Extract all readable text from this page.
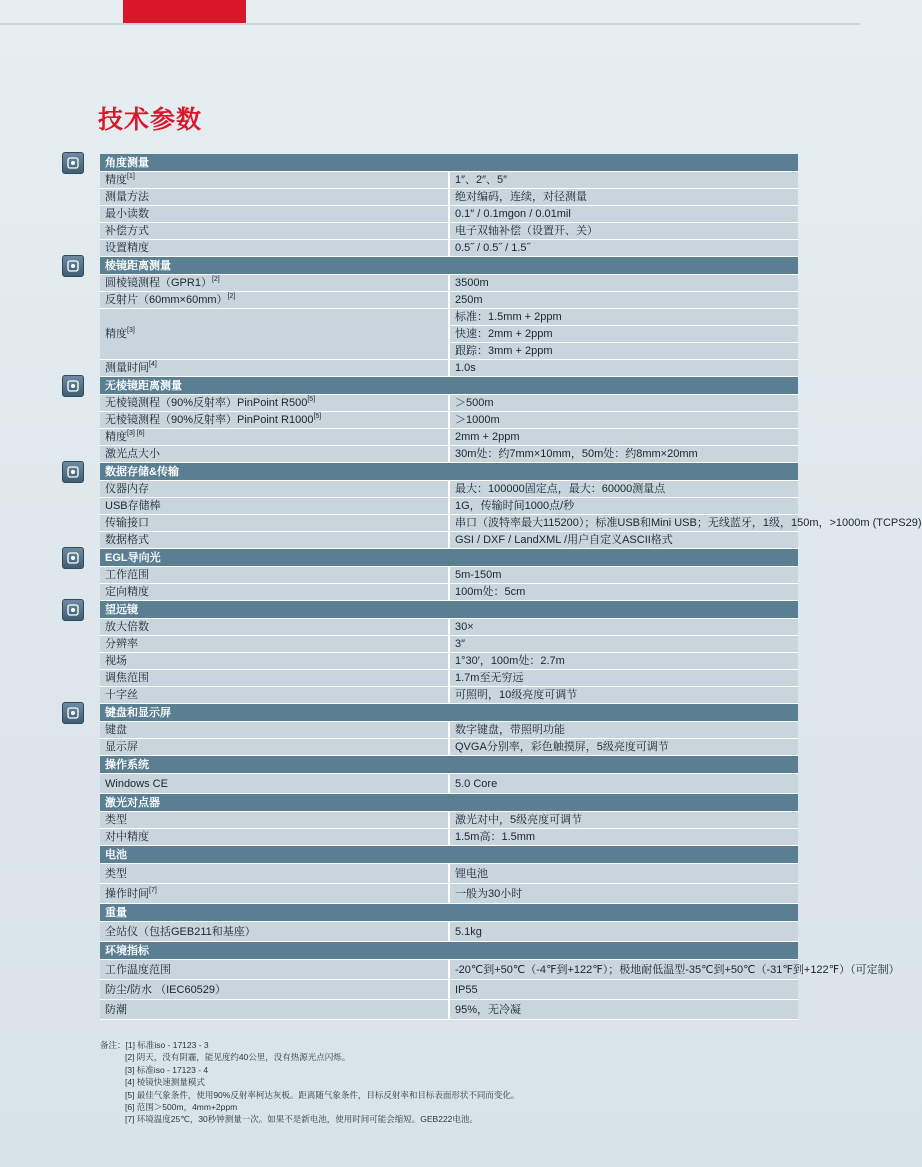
技术参数
角度测量	
精度[1]	1″、2″、5″
测量方法	绝对编码，连续，对径测量
最小读数	0.1″ / 0.1mgon / 0.01mil
补偿方式	电子双轴补偿（设置开、关）
设置精度	0.5˝ / 0.5˝ / 1.5˝
棱镜距离测量	
圆棱镜测程（GPR1）[2]	3500m
反射片（60mm×60mm）[2]	250m
精度[3]	标准：1.5mm + 2ppm
	快速：2mm + 2ppm
	跟踪：3mm + 2ppm
测量时间[4]	1.0s
无棱镜距离测量	
无棱镜测程（90%反射率）PinPoint R500[5]	＞500m
无棱镜测程（90%反射率）PinPoint R1000[5]	＞1000m
精度[3] [6]	2mm + 2ppm
激光点大小	30m处：约7mm×10mm，50m处：约8mm×20mm
数据存储&传输	
仪器内存	最大：100000固定点，最大：60000测量点
USB存储棒	1G，传输时间1000点/秒
传输接口	串口（波特率最大115200）；标准USB和Mini USB；无线蓝牙，1级，150m，>1000m (TCPS29)
数据格式	GSI / DXF / LandXML /用户自定义ASCII格式
EGL导向光	
工作范围	5m-150m
定向精度	100m处：5cm
望远镜	
放大倍数	30×
分辨率	3″
视场	1°30′，100m处：2.7m
调焦范围	1.7m至无穷远
十字丝	可照明，10级亮度可调节
键盘和显示屏	
键盘	数字键盘，带照明功能
显示屏	QVGA分别率，彩色触摸屏，5级亮度可调节
操作系统	
Windows CE	5.0 Core
激光对点器	
类型	激光对中，5级亮度可调节
对中精度	1.5m高：1.5mm
电池	
类型	锂电池
操作时间[7]	一般为30小时
重量	
全站仪（包括GEB211和基座）	5.1kg
环境指标	
工作温度范围	-20℃到+50℃（-4℉到+122℉）；极地耐低温型-35℃到+50℃（-31℉到+122℉）（可定制）
防尘/防水 （IEC60529）	IP55
防潮	95%，无冷凝
备注：[1] 标准iso - 17123 - 3
[2] 阴天，没有阴霾，能见度约40公里，没有热源光点闪烁。
[3] 标准iso - 17123 - 4
[4] 棱镜快速测量模式
[5] 最佳气象条件，使用90%反射率柯达灰板。距离随气象条件，目标反射率和目标表面形状不同而变化。
[6] 范围＞500m，4mm+2ppm
[7] 环境温度25℃，30秒钟测量一次。如果不是新电池，使用时间可能会缩短。GEB222电池。
